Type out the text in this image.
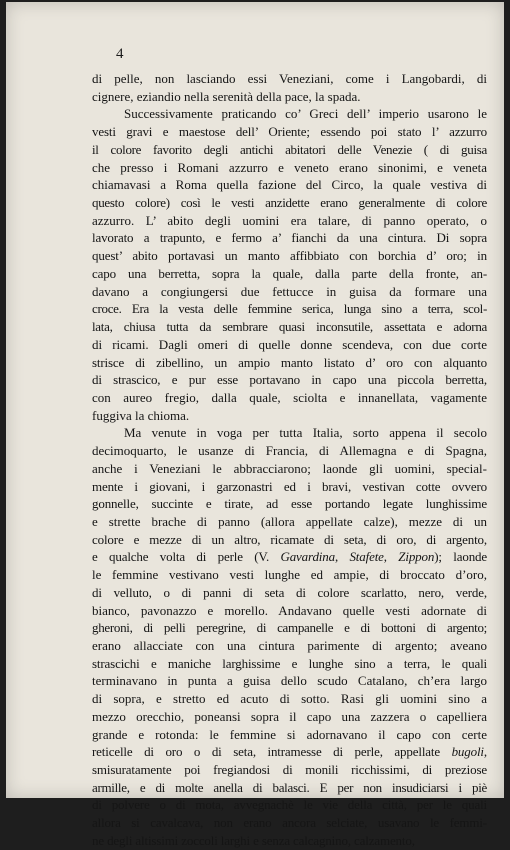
4
di pelle, non lasciando essi Veneziani, come i Langobardi, di
cignere, eziandio nella serenità della pace, la spada.
Successivamente praticando co’ Greci dell’ imperio usarono le
vesti gravi e maestose dell’ Oriente; essendo poi stato l’ azzurro
il colore favorito degli antichi abitatori delle Venezie ( di guisa
che presso i Romani azzurro e veneto erano sinonimi, e veneta
chiamavasi a Roma quella fazione del Circo, la quale vestiva di
questo colore) così le vesti anzidette erano generalmente di colore
azzurro. L’ abito degli uomini era talare, di panno operato, o
lavorato a trapunto, e fermo a’ fianchi da una cintura. Di sopra
quest’ abito portavasi un manto affibbiato con borchia d’ oro; in
capo una berretta, sopra la quale, dalla parte della fronte, an-
davano a congiungersi due fettucce in guisa da formare una
croce. Era la vesta delle femmine serica, lunga sino a terra, scol-
lata, chiusa tutta da sembrare quasi inconsutile, assettata e adorna
di ricami. Dagli omeri di quelle donne scendeva, con due corte
strisce di zibellino, un ampio manto listato d’ oro con alquanto
di strascico, e pur esse portavano in capo una piccola berretta,
con aureo fregio, dalla quale, sciolta e innanellata, vagamente
fuggiva la chioma.
Ma venute in voga per tutta Italia, sorto appena il secolo
decimoquarto, le usanze di Francia, di Allemagna e di Spagna,
anche i Veneziani le abbracciarono; laonde gli uomini, special-
mente i giovani, i garzonastri ed i bravi, vestivan cotte ovvero
gonnelle, succinte e tirate, ad esse portando legate lunghissime
e strette brache di panno (allora appellate calze), mezze di un
colore e mezze di un altro, ricamate di seta, di oro, di argento,
e qualche volta di perle (V. Gavardina, Stafete, Zippon); laonde
le femmine vestivano vesti lunghe ed ampie, di broccato d’oro,
di velluto, o di panni di seta di colore scarlatto, nero, verde,
bianco, pavonazzo e morello. Andavano quelle vesti adornate di
gheroni, di pelli peregrine, di campanelle e di bottoni di argento;
erano allacciate con una cintura parimente di argento; aveano
strascichi e maniche larghissime e lunghe sino a terra, le quali
terminavano in punta a guisa dello scudo Catalano, ch’era largo
di sopra, e stretto ed acuto di sotto. Rasi gli uomini sino a
mezzo orecchio, poneansi sopra il capo una zazzera o capelliera
grande e rotonda: le femmine si adornavano il capo con certe
reticelle di oro o di seta, intramesse di perle, appellate bugoli,
smisuratamente poi fregiandosi di monili ricchissimi, di preziose
armille, e di molte anella di balasci. E per non insudiciarsi i piè
di polvere o di mota, avvegnachè le vie della città, per le quali
allora si cavalcava, non erano ancora selciate, usavano le femmi-
ne degli altissimi zoccoli larghi e senza calcagnino, calzamento,
